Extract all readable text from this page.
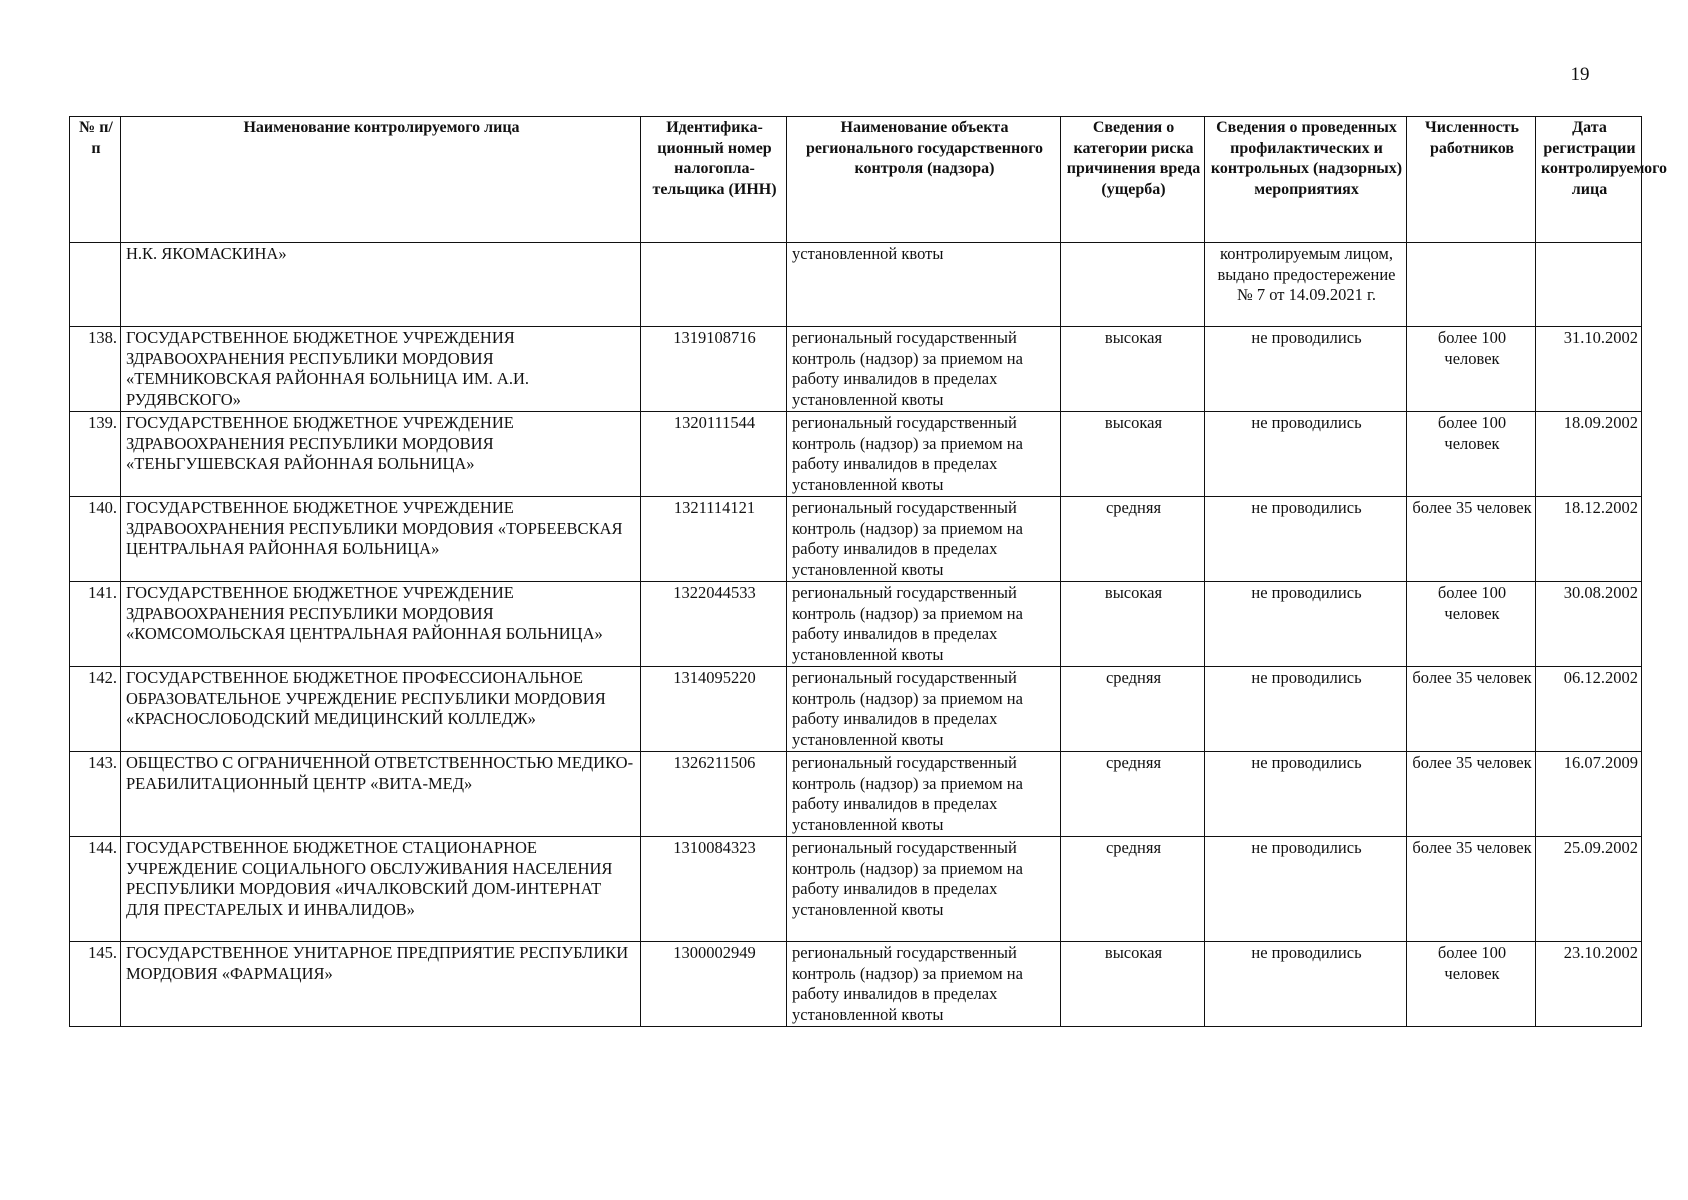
19
№ п/п	Наименование контролируемого лица	Идентифика-ционный номер налогопла-тельщика (ИНН)	Наименование объекта регионального государственного контроля (надзора)	Сведения о категории риска причинения вреда (ущерба)	Сведения о проведенных профилактических и контрольных (надзорных) мероприятиях	Численность работников	Дата регистрации контролируемого лица
	Н.К. ЯКОМАСКИНА»		установленной квоты		контролируемым лицом, выдано предостережение № 7 от 14.09.2021 г.		
138.	ГОСУДАРСТВЕННОЕ БЮДЖЕТНОЕ УЧРЕЖДЕНИЯ ЗДРАВООХРАНЕНИЯ РЕСПУБЛИКИ МОРДОВИЯ «ТЕМНИКОВСКАЯ РАЙОННАЯ БОЛЬНИЦА ИМ. А.И. РУДЯВСКОГО»	1319108716	региональный государственный контроль (надзор) за приемом на работу инвалидов в пределах установленной квоты	высокая	не проводились	более 100 человек	31.10.2002
139.	ГОСУДАРСТВЕННОЕ БЮДЖЕТНОЕ УЧРЕЖДЕНИЕ ЗДРАВООХРАНЕНИЯ РЕСПУБЛИКИ МОРДОВИЯ «ТЕНЬГУШЕВСКАЯ РАЙОННАЯ БОЛЬНИЦА»	1320111544	региональный государственный контроль (надзор) за приемом на работу инвалидов в пределах установленной квоты	высокая	не проводились	более 100 человек	18.09.2002
140.	ГОСУДАРСТВЕННОЕ БЮДЖЕТНОЕ УЧРЕЖДЕНИЕ ЗДРАВООХРАНЕНИЯ РЕСПУБЛИКИ МОРДОВИЯ «ТОРБЕЕВСКАЯ ЦЕНТРАЛЬНАЯ РАЙОННАЯ БОЛЬНИЦА»	1321114121	региональный государственный контроль (надзор) за приемом на работу инвалидов в пределах установленной квоты	средняя	не проводились	более 35 человек	18.12.2002
141.	ГОСУДАРСТВЕННОЕ БЮДЖЕТНОЕ УЧРЕЖДЕНИЕ ЗДРАВООХРАНЕНИЯ РЕСПУБЛИКИ МОРДОВИЯ «КОМСОМОЛЬСКАЯ ЦЕНТРАЛЬНАЯ РАЙОННАЯ БОЛЬНИЦА»	1322044533	региональный государственный контроль (надзор) за приемом на работу инвалидов в пределах установленной квоты	высокая	не проводились	более 100 человек	30.08.2002
142.	ГОСУДАРСТВЕННОЕ БЮДЖЕТНОЕ ПРОФЕССИОНАЛЬНОЕ ОБРАЗОВАТЕЛЬНОЕ УЧРЕЖДЕНИЕ РЕСПУБЛИКИ МОРДОВИЯ «КРАСНОСЛОБОДСКИЙ МЕДИЦИНСКИЙ КОЛЛЕДЖ»	1314095220	региональный государственный контроль (надзор) за приемом на работу инвалидов в пределах установленной квоты	средняя	не проводились	более 35 человек	06.12.2002
143.	ОБЩЕСТВО С ОГРАНИЧЕННОЙ ОТВЕТСТВЕННОСТЬЮ МЕДИКО-РЕАБИЛИТАЦИОННЫЙ ЦЕНТР «ВИТА-МЕД»	1326211506	региональный государственный контроль (надзор) за приемом на работу инвалидов в пределах установленной квоты	средняя	не проводились	более 35 человек	16.07.2009
144.	ГОСУДАРСТВЕННОЕ БЮДЖЕТНОЕ СТАЦИОНАРНОЕ УЧРЕЖДЕНИЕ СОЦИАЛЬНОГО ОБСЛУЖИВАНИЯ НАСЕЛЕНИЯ РЕСПУБЛИКИ МОРДОВИЯ «ИЧАЛКОВСКИЙ ДОМ-ИНТЕРНАТ ДЛЯ ПРЕСТАРЕЛЫХ И ИНВАЛИДОВ»	1310084323	региональный государственный контроль (надзор) за приемом на работу инвалидов в пределах установленной квоты	средняя	не проводились	более 35 человек	25.09.2002
145.	ГОСУДАРСТВЕННОЕ УНИТАРНОЕ ПРЕДПРИЯТИЕ РЕСПУБЛИКИ МОРДОВИЯ «ФАРМАЦИЯ»	1300002949	региональный государственный контроль (надзор) за приемом на работу инвалидов в пределах установленной квоты	высокая	не проводились	более 100 человек	23.10.2002
